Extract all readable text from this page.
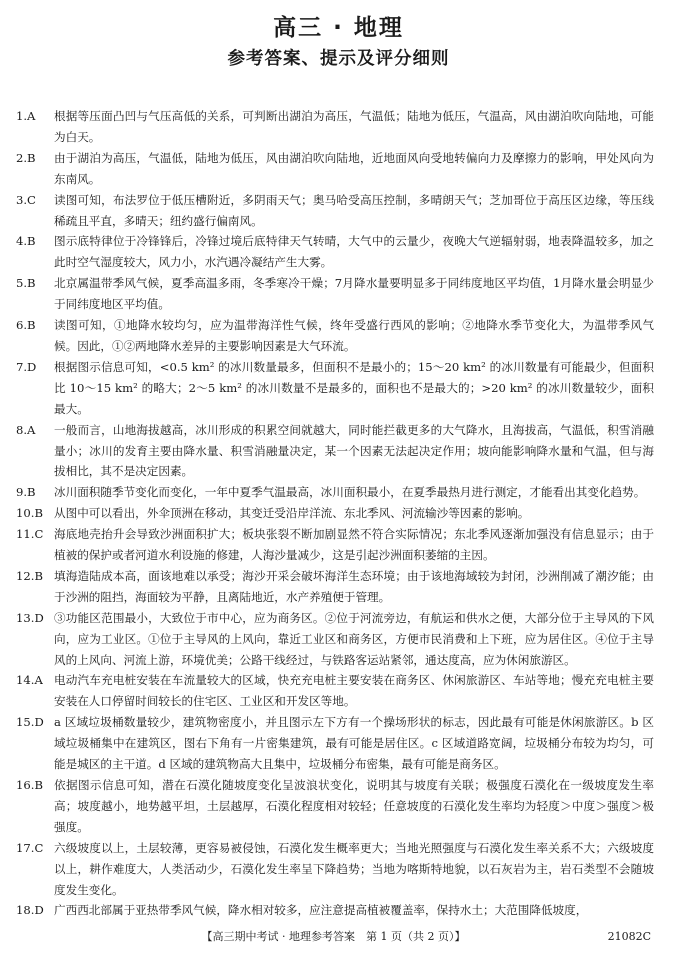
高三 · 地理
参考答案、提示及评分细则
1.A	根据等压面凸凹与气压高低的关系，可判断出湖泊为高压，气温低；陆地为低压，气温高，风由湖泊吹向陆地，可能为白天。
2.B	由于湖泊为高压，气温低，陆地为低压，风由湖泊吹向陆地，近地面风向受地转偏向力及摩擦力的影响，甲处风向为东南风。
3.C	读图可知，布法罗位于低压槽附近，多阴雨天气；奥马哈受高压控制，多晴朗天气；芝加哥位于高压区边缘，等压线稀疏且平直，多晴天；纽约盛行偏南风。
4.B	图示底特律位于冷锋锋后，冷锋过境后底特律天气转晴，大气中的云量少，夜晚大气逆辐射弱，地表降温较多，加之此时空气湿度较大，风力小，水汽遇冷凝结产生大雾。
5.B	北京属温带季风气候，夏季高温多雨，冬季寒冷干燥；7月降水量要明显多于同纬度地区平均值，1月降水量会明显少于同纬度地区平均值。
6.B	读图可知，①地降水较均匀，应为温带海洋性气候，终年受盛行西风的影响；②地降水季节变化大，为温带季风气候。因此，①②两地降水差异的主要影响因素是大气环流。
7.D	根据图示信息可知，<0.5 km² 的冰川数量最多，但面积不是最小的；15～20 km² 的冰川数量有可能最少，但面积比 10～15 km² 的略大；2～5 km² 的冰川数量不是最多的，面积也不是最大的；>20 km² 的冰川数量较少，面积最大。
8.A	一般而言，山地海拔越高，冰川形成的积累空间就越大，同时能拦截更多的大气降水，且海拔高，气温低，积雪消融量小；冰川的发育主要由降水量、积雪消融量决定，某一个因素无法起决定作用；坡向能影响降水量和气温，但与海拔相比，其不是决定因素。
9.B	冰川面积随季节变化而变化，一年中夏季气温最高，冰川面积最小，在夏季最热月进行测定，才能看出其变化趋势。
10.B 从图中可以看出，外伞顶洲在移动，其变迁受沿岸洋流、东北季风、河流输沙等因素的影响。
11.C 海底地壳抬升会导致沙洲面积扩大；板块张裂不断加剧显然不符合实际情况；东北季风逐渐加强没有信息显示；由于植被的保护或者河道水利设施的修建，人海沙量减少，这是引起沙洲面积萎缩的主因。
12.B 填海造陆成本高，面该地难以承受；海沙开采会破坏海洋生态环境；由于该地海域较为封闭，沙洲削减了潮汐能；由于沙洲的阻挡，海面较为平静，且离陆地近，水产养殖便于管理。
13.D ③功能区范围最小，大致位于市中心，应为商务区。②位于河流旁边，有航运和供水之便，大部分位于主导风的下风向，应为工业区。①位于主导风的上风向，靠近工业区和商务区，方便市民消费和上下班，应为居住区。④位于主导风的上风向、河流上游，环境优美；公路干线经过，与铁路客运站紧邻，通达度高，应为休闲旅游区。
14.A 电动汽车充电桩安装在车流量较大的区域，快充充电桩主要安装在商务区、休闲旅游区、车站等地；慢充充电桩主要安装在人口停留时间较长的住宅区、工业区和开发区等地。
15.D a 区域垃圾桶数量较少，建筑物密度小，并且图示左下方有一个操场形状的标志，因此最有可能是休闲旅游区。b 区域垃圾桶集中在建筑区，图右下角有一片密集建筑，最有可能是居住区。c 区域道路宽阔，垃圾桶分布较为均匀，可能是城区的主干道。d 区域的建筑物高大且集中，垃圾桶分布密集，最有可能是商务区。
16.B 依据图示信息可知，潜在石漠化随坡度变化呈波浪状变化，说明其与坡度有关联；极强度石漠化在一级坡度发生率高；坡度越小，地势越平坦，土层越厚，石漠化程度相对较轻；任意坡度的石漠化发生率均为轻度＞中度＞强度＞极强度。
17.C 六级坡度以上，土层较薄，更容易被侵蚀，石漠化发生概率更大；当地光照强度与石漠化发生率关系不大；六级坡度以上，耕作难度大，人类活动少，石漠化发生率呈下降趋势；当地为喀斯特地貌，以石灰岩为主，岩石类型不会随坡度发生变化。
18.D 广西西北部属于亚热带季风气候，降水相对较多，应注意提高植被覆盖率，保持水土；大范围降低坡度，
【高三期中考试 · 地理参考答案　第 1 页（共 2 页）】	21082C
